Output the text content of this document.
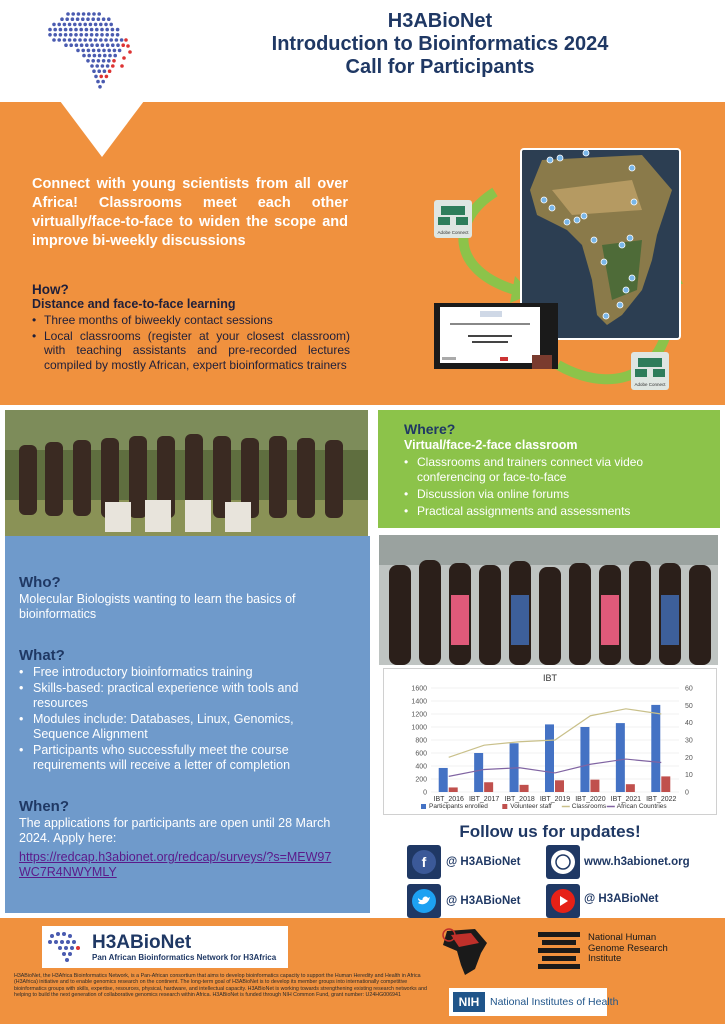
H3ABioNet
Introduction to Bioinformatics 2024
Call for Participants
Connect with young scientists from all over Africa! Classrooms meet each other virtually/face-to-face to widen the scope and improve bi-weekly discussions
How?
Distance and face-to-face learning
• Three months of biweekly contact sessions
• Local classrooms (register at your closest classroom) with teaching assistants and pre-recorded lectures compiled by mostly African, expert bioinformatics trainers
Adobe Connect
Adobe Connect
Where?
Virtual/face-2-face classroom
• Classrooms and trainers connect via video conferencing or face-to-face
• Discussion via online forums
• Practical assignments and assessments
Who?
Molecular Biologists wanting to learn the basics of bioinformatics
What?
• Free introductory bioinformatics training
• Skills-based: practical experience with tools and resources
• Modules include: Databases, Linux, Genomics, Sequence Alignment
• Participants who successfully meet the course requirements will receive a letter of completion
When?
The applications for participants are open until 28 March 2024. Apply here:
https://redcap.h3abionet.org/redcap/surveys/?s=MEW97WC7R4NWYMLY
IBT
0
200
400
600
800
1000
1200
1400
1600
0
10
20
30
40
50
60
IBT_2016 IBT_2017 IBT_2018 IBT_2019 IBT_2020 IBT_2021 IBT_2022
Participants enrolled	Volunteer staff	Classrooms African Countries
Follow us for updates!
f @ H3ABioNet	www.h3abionet.org
@ H3ABioNet	@ H3ABioNet
H3ABioNet
Pan African Bioinformatics Network for H3Africa
H3ABioNet, the H3Africa Bioinformatics Network, is a Pan-African consortium that aims to develop bioinformatics capacity to support the Human Heredity and Health in Africa (H3Africa) initiative and to enable genomics research on the continent. The long-term goal of H3ABioNet is to develop its member groups into internationally competitive bioinformatics groups with skills, expertise, resources, physical, hardware, and intellectual capacity. H3ABioNet is working towards strengthening existing research networks and helping to build the next generation of collaborative genomics research within Africa. H3ABioNet is funded through NIH Common Fund, grant number: U24HG006941
National Human Genome Research Institute
NIH	National Institutes of Health
